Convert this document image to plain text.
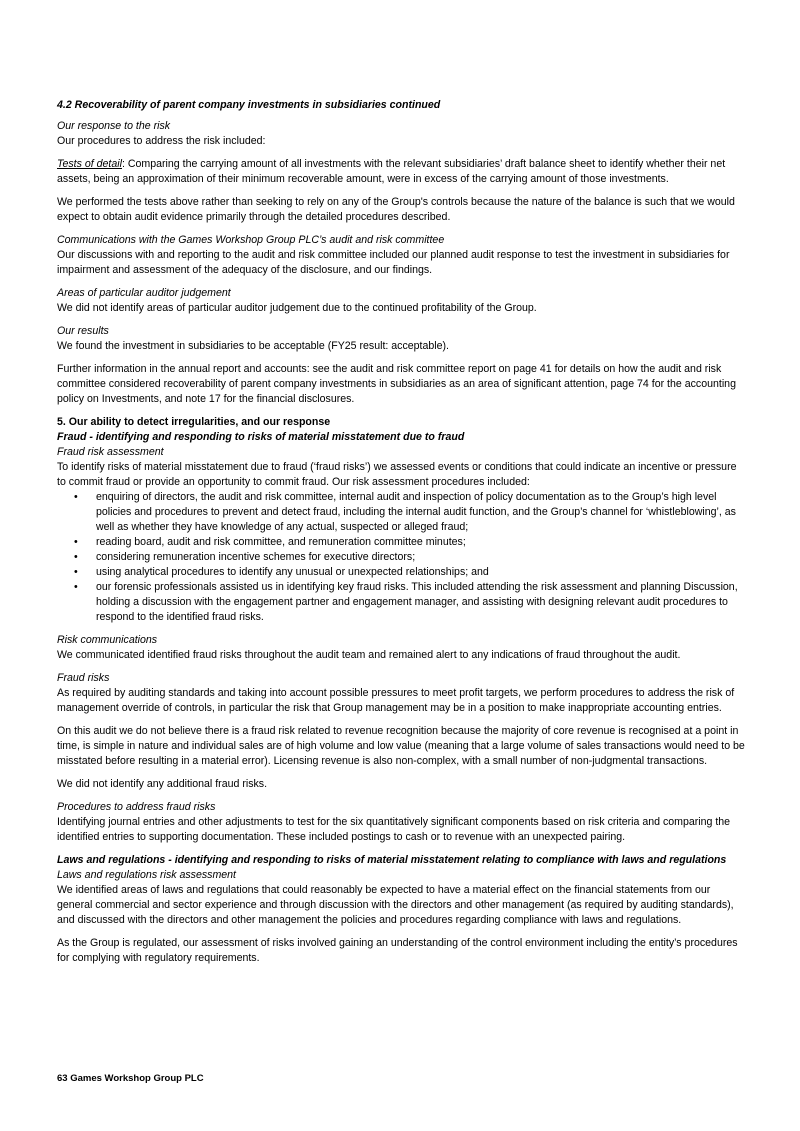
4.2 Recoverability of parent company investments in subsidiaries continued

Our response to the risk

Our procedures to address the risk included:

Tests of detail: Comparing the carrying amount of all investments with the relevant subsidiaries’ draft balance sheet to identify whether their net assets, being an approximation of their minimum recoverable amount, were in excess of the carrying amount of those investments.

We performed the tests above rather than seeking to rely on any of the Group's controls because the nature of the balance is such that we would expect to obtain audit evidence primarily through the detailed procedures described.

Communications with the Games Workshop Group PLC’s audit and risk committee

Our discussions with and reporting to the audit and risk committee included our planned audit response to test the investment in subsidiaries for impairment and assessment of the adequacy of the disclosure, and our findings.

Areas of particular auditor judgement

We did not identify areas of particular auditor judgement due to the continued profitability of the Group.

Our results

We found the investment in subsidiaries to be acceptable (FY25 result: acceptable).

Further information in the annual report and accounts: see the audit and risk committee report on page 41 for details on how the audit and risk committee considered recoverability of parent company investments in subsidiaries as an area of significant attention, page 74 for the accounting policy on Investments, and note 17 for the financial disclosures.

5. Our ability to detect irregularities, and our response

Fraud - identifying and responding to risks of material misstatement due to fraud

Fraud risk assessment

To identify risks of material misstatement due to fraud (‘fraud risks’) we assessed events or conditions that could indicate an incentive or pressure to commit fraud or provide an opportunity to commit fraud. Our risk assessment procedures included:

• enquiring of directors, the audit and risk committee, internal audit and inspection of policy documentation as to the Group’s high level policies and procedures to prevent and detect fraud, including the internal audit function, and the Group’s channel for ‘whistleblowing’, as well as whether they have knowledge of any actual, suspected or alleged fraud;
• reading board, audit and risk committee, and remuneration committee minutes;
• considering remuneration incentive schemes for executive directors;
• using analytical procedures to identify any unusual or unexpected relationships; and
• our forensic professionals assisted us in identifying key fraud risks. This included attending the risk assessment and planning Discussion, holding a discussion with the engagement partner and engagement manager, and assisting with designing relevant audit procedures to respond to the identified fraud risks.

Risk communications

We communicated identified fraud risks throughout the audit team and remained alert to any indications of fraud throughout the audit.

Fraud risks

As required by auditing standards and taking into account possible pressures to meet profit targets, we perform procedures to address the risk of management override of controls, in particular the risk that Group management may be in a position to make inappropriate accounting entries.

On this audit we do not believe there is a fraud risk related to revenue recognition because the majority of core revenue is recognised at a point in time, is simple in nature and individual sales are of high volume and low value (meaning that a large volume of sales transactions would need to be misstated before resulting in a material error). Licensing revenue is also non-complex, with a small number of non-judgmental transactions.

We did not identify any additional fraud risks.

Procedures to address fraud risks

Identifying journal entries and other adjustments to test for the six quantitatively significant components based on risk criteria and comparing the identified entries to supporting documentation. These included postings to cash or to revenue with an unexpected pairing.

Laws and regulations - identifying and responding to risks of material misstatement relating to compliance with laws and regulations

Laws and regulations risk assessment

We identified areas of laws and regulations that could reasonably be expected to have a material effect on the financial statements from our general commercial and sector experience and through discussion with the directors and other management (as required by auditing standards), and discussed with the directors and other management the policies and procedures regarding compliance with laws and regulations.

As the Group is regulated, our assessment of risks involved gaining an understanding of the control environment including the entity’s procedures for complying with regulatory requirements.

63 Games Workshop Group PLC
